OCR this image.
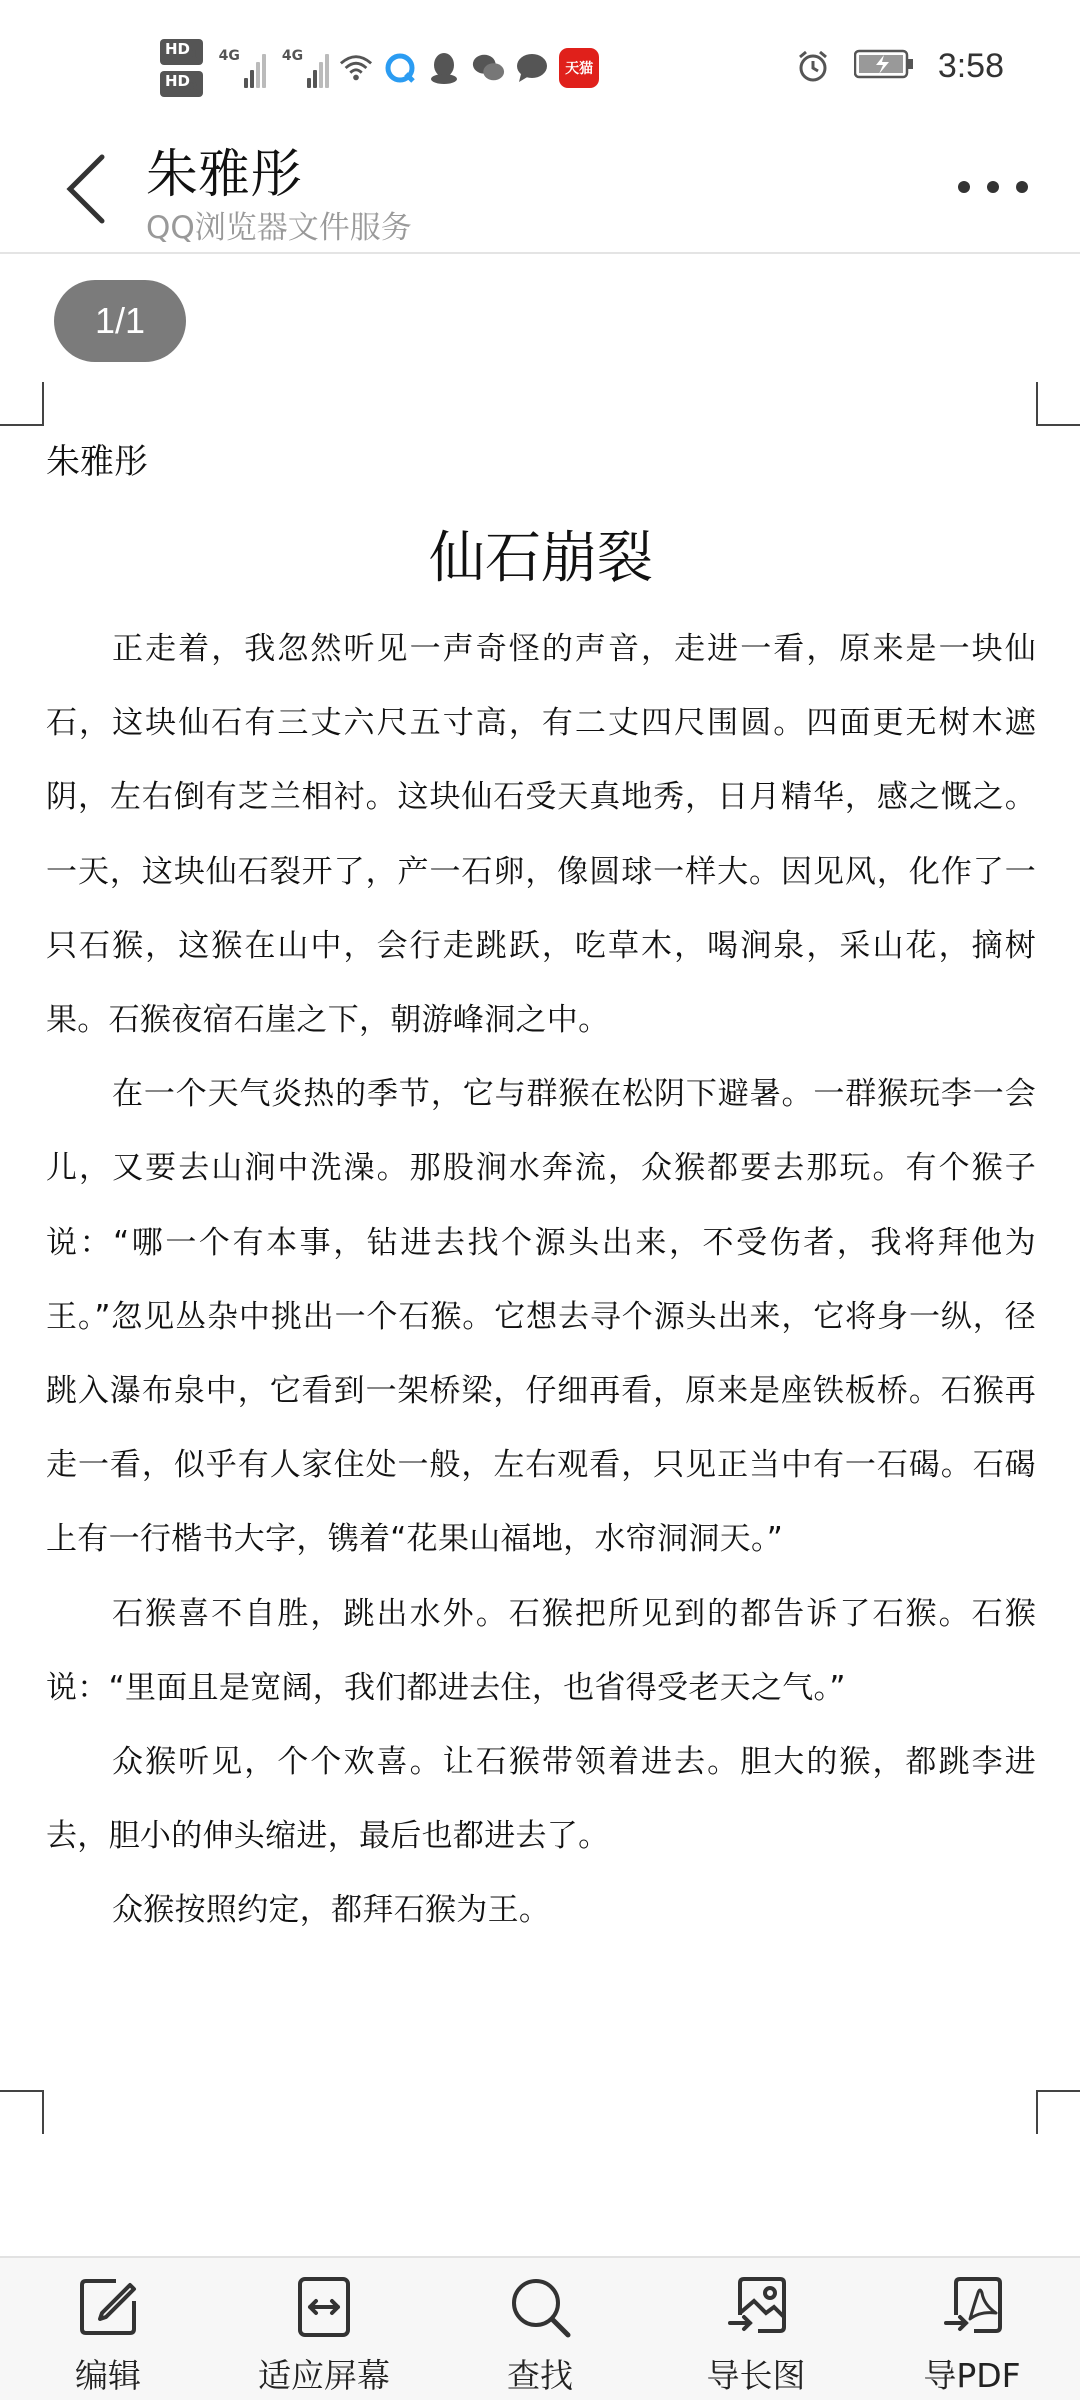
$HD_1$
$HD_2$
4G	4G
天猫	3:58
朱雅彤
QQ浏览器文件服务
1/1
朱雅彤
仙石崩裂

正走着，我忽然听见一声奇怪的声音，走进一看，原来是一块仙石，这块仙石有三丈六尺五寸高，有二丈四尺围圆。四面更无树木遮阴，左右倒有芝兰相衬。这块仙石受天真地秀，日月精华，感之慨之。一天，这块仙石裂开了，产一石卵，像圆球一样大。因见风，化作了一只石猴，这猴在山中，会行走跳跃，吃草木，喝涧泉，采山花，摘树果。石猴夜宿石崖之下，朝游峰洞之中。

在一个天气炎热的季节，它与群猴在松阴下避暑。一群猴玩李一会儿，又要去山涧中洗澡。那股涧水奔流，众猴都要去那玩。有个猴子说：“哪一个有本事，钻进去找个源头出来，不受伤者，我将拜他为王。”忽见丛杂中挑出一个石猴。它想去寻个源头出来，它将身一纵，径跳入瀑布泉中，它看到一架桥梁，仔细再看，原来是座铁板桥。石猴再走一看，似乎有人家住处一般，左右观看，只见正当中有一石碣。石碣上有一行楷书大字，镌着“花果山福地，水帘洞洞天。”

石猴喜不自胜，跳出水外。石猴把所见到的都告诉了石猴。石猴说：“里面且是宽阔，我们都进去住，也省得受老天之气。”

众猴听见，个个欢喜。让石猴带领着进去。胆大的猴，都跳李进去，胆小的伸头缩进，最后也都进去了。

众猴按照约定，都拜石猴为王。

编辑	适应屏幕	查找	导长图	导PDF
